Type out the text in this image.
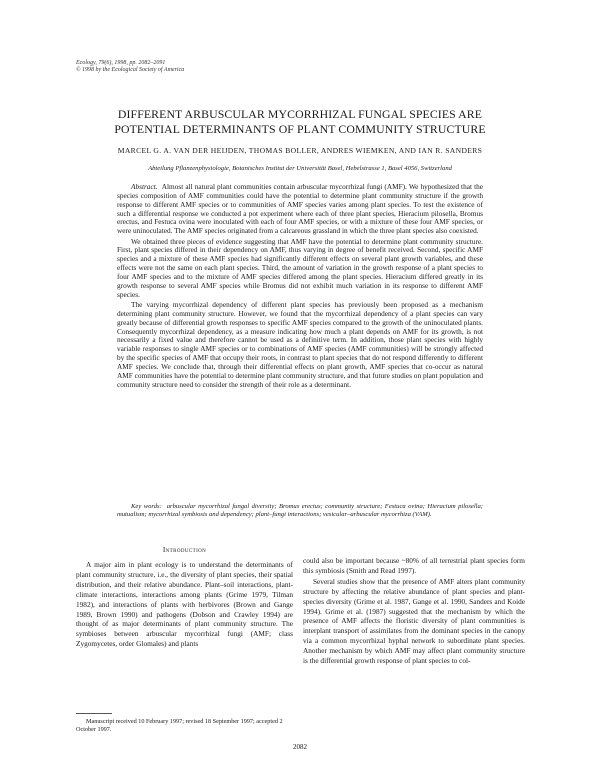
Ecology, 79(6), 1998, pp. 2082–2091
© 1998 by the Ecological Society of America
DIFFERENT ARBUSCULAR MYCORRHIZAL FUNGAL SPECIES ARE
POTENTIAL DETERMINANTS OF PLANT COMMUNITY STRUCTURE
MARCEL G. A. VAN DER HEIJDEN, THOMAS BOLLER, ANDRES WIEMKEN, AND IAN R. SANDERS
Abteilung Pflanzenphysiologie, Botanisches Institut der Universität Basel, Hebelstrasse 1, Basel 4056, Switzerland

Abstract. Almost all natural plant communities contain arbuscular mycorrhizal fungi (AMF). We hypothesized that the species composition of AMF communities could have the potential to determine plant community structure if the growth response to different AMF species or to communities of AMF species varies among plant species. To test the existence of such a differential response we conducted a pot experiment where each of three plant species, Hieracium pilosella, Bromus erectus, and Festuca ovina were inoculated with each of four AMF species, or with a mixture of these four AMF species, or were uninoculated. The AMF species originated from a calcareous grassland in which the three plant species also coexisted.

We obtained three pieces of evidence suggesting that AMF have the potential to determine plant community structure. First, plant species differed in their dependency on AMF, thus varying in degree of benefit received. Second, specific AMF species and a mixture of these AMF species had significantly different effects on several plant growth variables, and these effects were not the same on each plant species. Third, the amount of variation in the growth response of a plant species to four AMF species and to the mixture of AMF species differed among the plant species. Hieracium differed greatly in its growth response to several AMF species while Bromus did not exhibit much variation in its response to different AMF species.

The varying mycorrhizal dependency of different plant species has previously been proposed as a mechanism determining plant community structure. However, we found that the mycorrhizal dependency of a plant species can vary greatly because of differential growth responses to specific AMF species compared to the growth of the uninoculated plants. Consequently mycorrhizal dependency, as a measure indicating how much a plant depends on AMF for its growth, is not necessarily a fixed value and therefore cannot be used as a definitive term. In addition, those plant species with highly variable responses to single AMF species or to combinations of AMF species (AMF communities) will be strongly affected by the specific species of AMF that occupy their roots, in contrast to plant species that do not respond differently to different AMF species. We conclude that, through their differential effects on plant growth, AMF species that co-occur as natural AMF communities have the potential to determine plant community structure, and that future studies on plant population and community structure need to consider the strength of their role as a determinant.

Key words: arbuscular mycorrhizal fungal diversity; Bromus erectus; community structure; Festuca ovina; Hieracium pilosella; mutualism; mycorrhizal symbiosis and dependency; plant–fungi interactions; vesicular–arbuscular mycorrhiza (VAM).
Introduction

A major aim in plant ecology is to understand the determinants of plant community structure, i.e., the diversity of plant species, their spatial distribution, and their relative abundance. Plant–soil interactions, plant-climate interactions, interactions among plants (Grime 1979, Tilman 1982), and interactions of plants with herbivores (Brown and Gange 1989, Brown 1990) and pathogens (Dobson and Crawley 1994) are thought of as major determinants of plant community structure. The symbioses between arbuscular mycorrhizal fungi (AMF; class Zygomycetes, order Glomales) and plants

could also be important because ~80% of all terrestrial plant species form this symbiosis (Smith and Read 1997).

Several studies show that the presence of AMF alters plant community structure by affecting the relative abundance of plant species and plant-species diversity (Grime et al. 1987, Gange et al. 1990, Sanders and Koide 1994). Grime et al. (1987) suggested that the mechanism by which the presence of AMF affects the floristic diversity of plant communities is interplant transport of assimilates from the dominant species in the canopy via a common mycorrhizal hyphal network to subordinate plant species. Another mechanism by which AMF may affect plant community structure is the differential growth response of plant species to col-

Manuscript received 10 February 1997; revised 18 September 1997; accepted 2 October 1997.
2082
